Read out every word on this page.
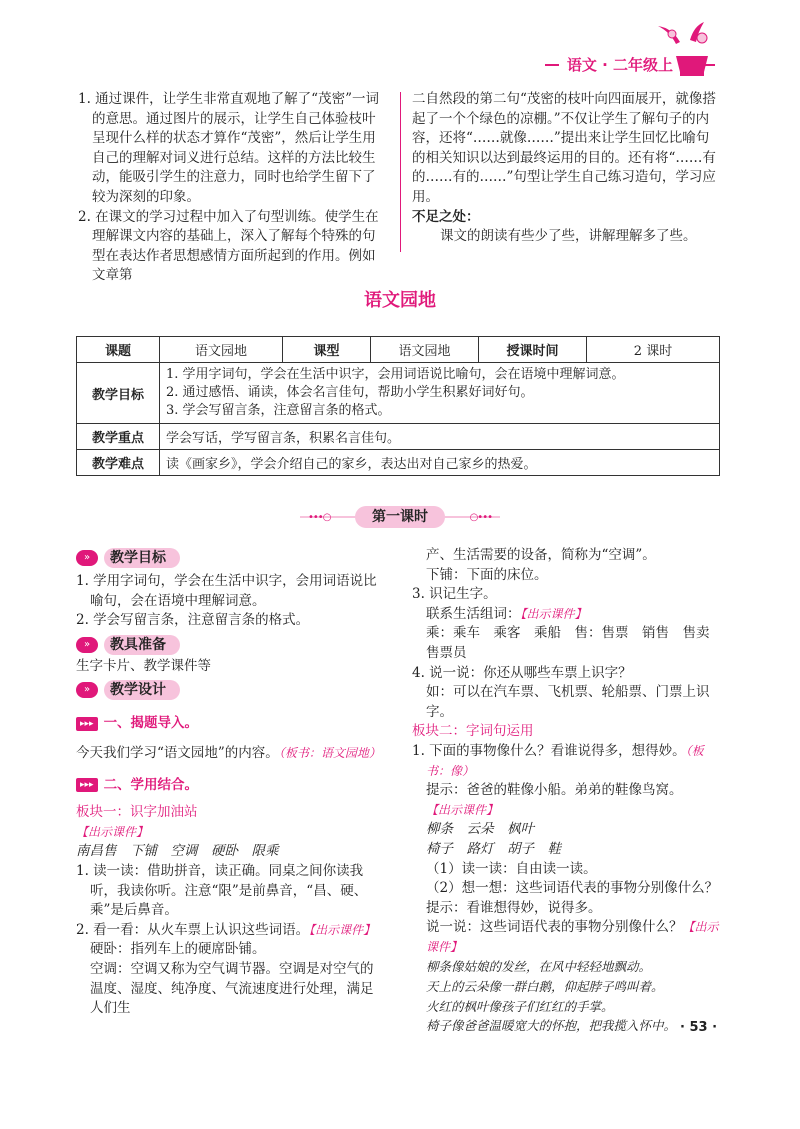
语文 · 二年级上
1. 通过课件，让学生非常直观地了解了“茂密”一词的意思。通过图片的展示，让学生自己体验枝叶呈现什么样的状态才算作“茂密”，然后让学生用自己的理解对词义进行总结。这样的方法比较生动，能吸引学生的注意力，同时也给学生留下了较为深刻的印象。
2. 在课文的学习过程中加入了句型训练。使学生在理解课文内容的基础上，深入了解每个特殊的句型在表达作者思想感情方面所起到的作用。例如文章第
二自然段的第二句“茂密的枝叶向四面展开，就像搭起了一个个绿色的凉棚。”不仅让学生了解句子的内容，还将“……就像……”提出来让学生回忆比喻句的相关知识以达到最终运用的目的。还有将“……有的……有的……”句型让学生自己练习造句，学习应用。
不足之处：
课文的朗读有些少了些，讲解理解多了些。
语文园地
课题	语文园地	课型	语文园地	授课时间	2 课时
教学目标	1. 学用字词句，学会在生活中识字，会用词语说比喻句，会在语境中理解词意。
2. 通过感悟、诵读，体会名言佳句，帮助小学生积累好词好句。
3. 学会写留言条，注意留言条的格式。				

教学重点	学会写话，学写留言条，积累名言佳句。				
教学难点	读《画家乡》，学会介绍自己的家乡，表达出对自己家乡的热爱。				
•••○	○•••
第一课时
»	教学目标
1. 学用字词句，学会在生活中识字，会用词语说比喻句，会在语境中理解词意。
2. 学会写留言条，注意留言条的格式。
»	教具准备
生字卡片、教学课件等
»	教学设计
▸▸▸ 一、揭题导入。
今天我们学习“语文园地”的内容。（板书：语文园地）
▸▸▸ 二、学用结合。
板块一：识字加油站
【出示课件】
南昌售　下铺　空调　硬卧　限乘
1. 读一读：借助拼音，读正确。同桌之间你读我听，我读你听。注意“限”是前鼻音，“昌、硬、乘”是后鼻音。
2. 看一看：从火车票上认识这些词语。【出示课件】
硬卧：指列车上的硬席卧铺。
空调：空调又称为空气调节器。空调是对空气的温度、湿度、纯净度、气流速度进行处理，满足人们生
产、生活需要的设备，简称为“空调”。
下铺：下面的床位。
3. 识记生字。
联系生活组词：【出示课件】
乘：乘车　乘客　乘船　售：售票　销售　售卖　售票员
4. 说一说：你还从哪些车票上识字？
如：可以在汽车票、飞机票、轮船票、门票上识字。
板块二：字词句运用
1. 下面的事物像什么？看谁说得多，想得妙。（板书：像）
提示：爸爸的鞋像小船。弟弟的鞋像鸟窝。
【出示课件】
柳条　云朵　枫叶
椅子　路灯　胡子　鞋
（1）读一读：自由读一读。
（2）想一想：这些词语代表的事物分别像什么？
提示：看谁想得妙，说得多。
说一说：这些词语代表的事物分别像什么？【出示课件】
柳条像姑娘的发丝，在风中轻轻地飘动。
天上的云朵像一群白鹅，仰起脖子鸣叫着。
火红的枫叶像孩子们红红的手掌。
椅子像爸爸温暖宽大的怀抱，把我揽入怀中。 · 53 ·
